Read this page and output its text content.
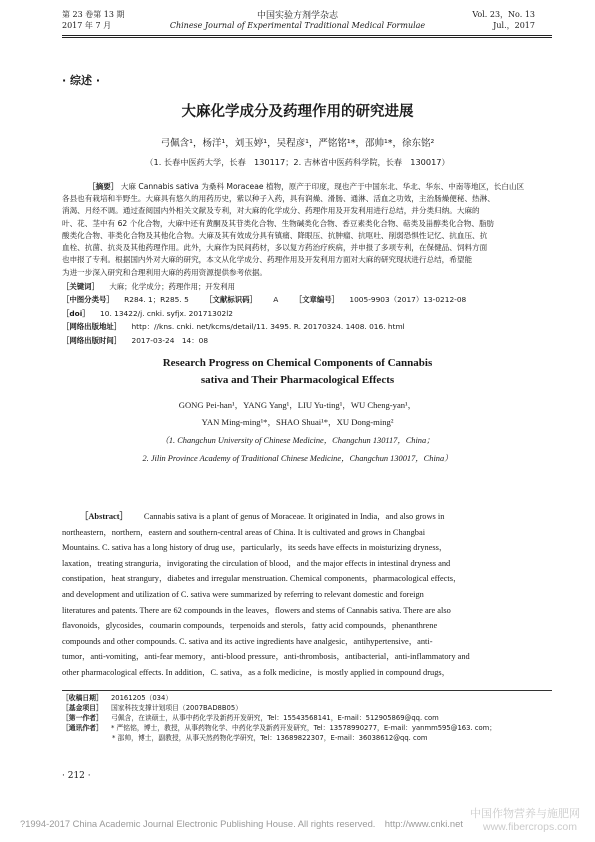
第 23 卷第 13 期
2017 年 7 月
中国实验方剂学杂志
Chinese Journal of Experimental Traditional Medical Formulae
Vol. 23，No. 13
Jul.，2017
· 综述 ·
大麻化学成分及药理作用的研究进展
弓佩含¹，杨洋¹，刘玉婷¹，吴程彦¹，严铭铭¹*，邵帅¹*，徐东铭²
（1. 长春中医药大学，长春　130117；2. 吉林省中医药科学院，长春　130017）
［摘要］ 大麻 Cannabis sativa 为桑科 Moraceae 植物，原产于印度，现也产于中国东北、华北、华东、中南等地区，长白山区
各县也有栽培和半野生。大麻具有悠久的用药历史，紫以种子入药，具有润燥、滑肠、通淋、活血之功效，主治肠燥便秘、热淋、
消渴、月经不调。通过查阅国内外相关文献及专利，对大麻的化学成分、药理作用及开发利用进行总结，并分类归纳。大麻的
叶、花、茎中有 62 个化合物，大麻中还有黄酮及其苷类化合物、生物碱类化合物、香豆素类化合物、萜类及甾醇类化合物、脂肪
酸类化合物、菲类化合物及其他化合物。大麻及其有效成分具有镇痛、降眼压、抗肿瘤、抗呕吐、削弱恐惧性记忆、抗血压、抗
血栓、抗菌、抗炎及其他药理作用。此外，大麻作为民间药材，多以复方药治疗疾病，并申报了多项专利，在保健品、饲料方面
也申报了专利。根据国内外对大麻的研究，本文从化学成分、药理作用及开发利用方面对大麻的研究现状进行总结，希望能
为进一步深入研究和合理利用大麻的药用资源提供参考依据。
［关键词］ 大麻；化学成分；药理作用；开发利用
［中图分类号］ R284. 1；R285. 5 ［文献标识码］ A ［文章编号］ 1005-9903（2017）13-0212-08
［doi］ 10. 13422/j. cnki. syfjx. 20171302l2
［网络出版地址］ http：//kns. cnki. net/kcms/detail/11. 3495. R. 20170324. 1408. 016. html
［网络出版时间］ 2017-03-24　14：08
Research Progress on Chemical Components of Cannabis
sativa and Their Pharmacological Effects
GONG Pei-han¹，YANG Yang¹，LIU Yu-ting¹，WU Cheng-yan¹，
YAN Ming-ming¹*，SHAO Shuai¹*，XU Dong-ming²
（1. Changchun University of Chinese Medicine，Changchun 130117，China；
2. Jilin Province Academy of Traditional Chinese Medicine，Changchun 130017，China）
［Abstract］ Cannabis sativa is a plant of genus of Moraceae. It originated in India，and also grows in
northeastern，northern，eastern and southern-central areas of China. It is cultivated and grows in Changbai
Mountains. C. sativa has a long history of drug use，particularly，its seeds have effects in moisturizing dryness，
laxation，treating stranguria，invigorating the circulation of blood，and the major effects in intestinal dryness and
constipation，heat strangury，diabetes and irregular menstruation. Chemical components，pharmacological effects，
and development and utilization of C. sativa were summarized by referring to relevant domestic and foreign
literatures and patents. There are 62 compounds in the leaves，flowers and stems of Cannabis sativa. There are also
flavonoids，glycosides，coumarin compounds，terpenoids and sterols，fatty acid compounds，phenanthrene
compounds and other compounds. C. sativa and its active ingredients have analgesic，antihypertensive，anti-
tumor，anti-vomiting，anti-fear memory，anti-blood pressure，anti-thrombosis，antibacterial，anti-inflammatory and
other pharmacological effects. In addition，C. sativa，as a folk medicine，is mostly applied in compound drugs，
［收稿日期］ 20161205（034）
［基金项目］ 国家科技支撑计划项目（2007BAD8B05）
［第一作者］ 弓佩含，在读硕士，从事中药化学及新药开发研究，Tel：15543568141，E-mail：512905869@qq. com
［通讯作者］ * 严铭铭，博士，教授，从事药物化学、中药化学及新药开发研究，Tel：13578990277，E-mail：yanmm595@163. com；
* 邵帅，博士，副教授，从事天然药物化学研究，Tel：13689822307，E-mail：36038612@qq. com
· 212 ·
?1994-2017 China Academic Journal Electronic Publishing House. All rights reserved.　http://www.cnki.net
中国作物营养与施肥网
www.fibercrops.com
